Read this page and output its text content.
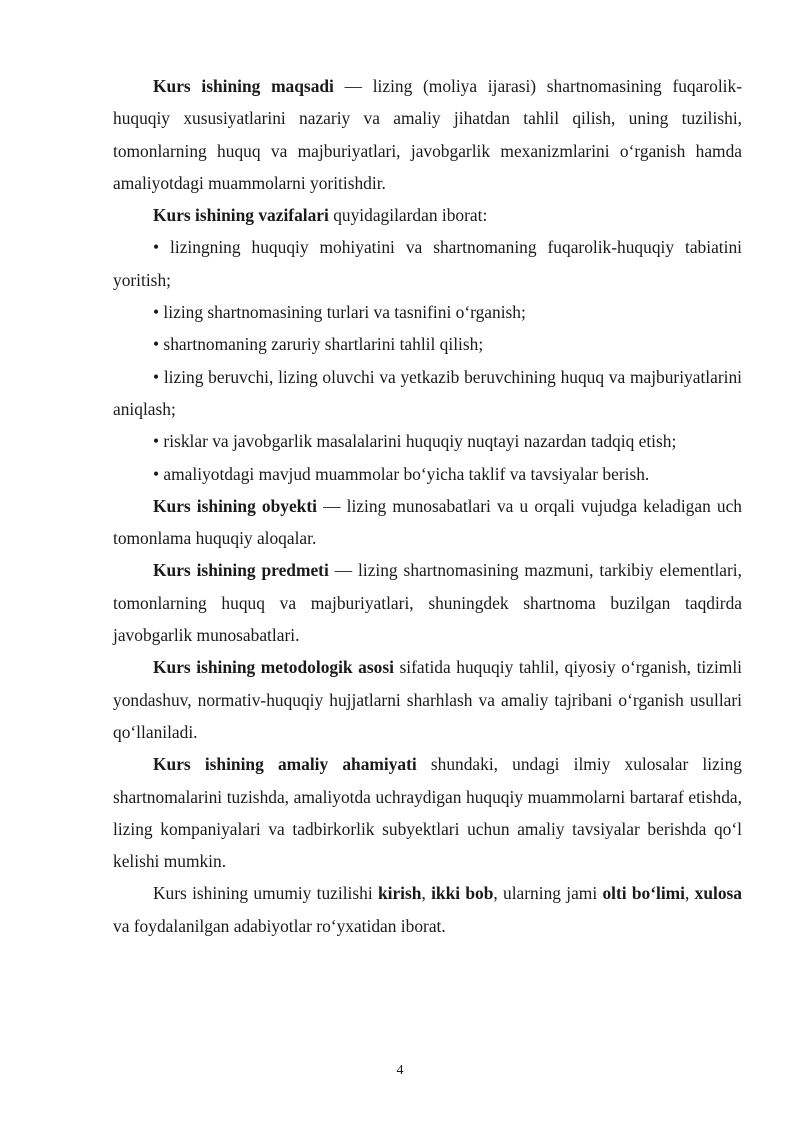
Kurs ishining maqsadi — lizing (moliya ijarasi) shartnomasining fuqarolik-huquqiy xususiyatlarini nazariy va amaliy jihatdan tahlil qilish, uning tuzilishi, tomonlarning huquq va majburiyatlari, javobgarlik mexanizmlarini o‘rganish hamda amaliyotdagi muammolarni yoritishdir.

Kurs ishining vazifalari quyidagilardan iborat:

• lizingning huquqiy mohiyatini va shartnomaning fuqarolik-huquqiy tabiatini yoritish;

• lizing shartnomasining turlari va tasnifini o‘rganish;

• shartnomaning zaruriy shartlarini tahlil qilish;

• lizing beruvchi, lizing oluvchi va yetkazib beruvchining huquq va majburiyatlarini aniqlash;

• risklar va javobgarlik masalalarini huquqiy nuqtayi nazardan tadqiq etish;

• amaliyotdagi mavjud muammolar bo‘yicha taklif va tavsiyalar berish.

Kurs ishining obyekti — lizing munosabatlari va u orqali vujudga keladigan uch tomonlama huquqiy aloqalar.

Kurs ishining predmeti — lizing shartnomasining mazmuni, tarkibiy elementlari, tomonlarning huquq va majburiyatlari, shuningdek shartnoma buzilgan taqdirda javobgarlik munosabatlari.

Kurs ishining metodologik asosi sifatida huquqiy tahlil, qiyosiy o‘rganish, tizimli yondashuv, normativ-huquqiy hujjatlarni sharhlash va amaliy tajribani o‘rganish usullari qo‘llaniladi.

Kurs ishining amaliy ahamiyati shundaki, undagi ilmiy xulosalar lizing shartnomalarini tuzishda, amaliyotda uchraydigan huquqiy muammolarni bartaraf etishda, lizing kompaniyalari va tadbirkorlik subyektlari uchun amaliy tavsiyalar berishda qo‘l kelishi mumkin.

Kurs ishining umumiy tuzilishi kirish, ikki bob, ularning jami olti bo‘limi, xulosa va foydalanilgan adabiyotlar ro‘yxatidan iborat.

4
